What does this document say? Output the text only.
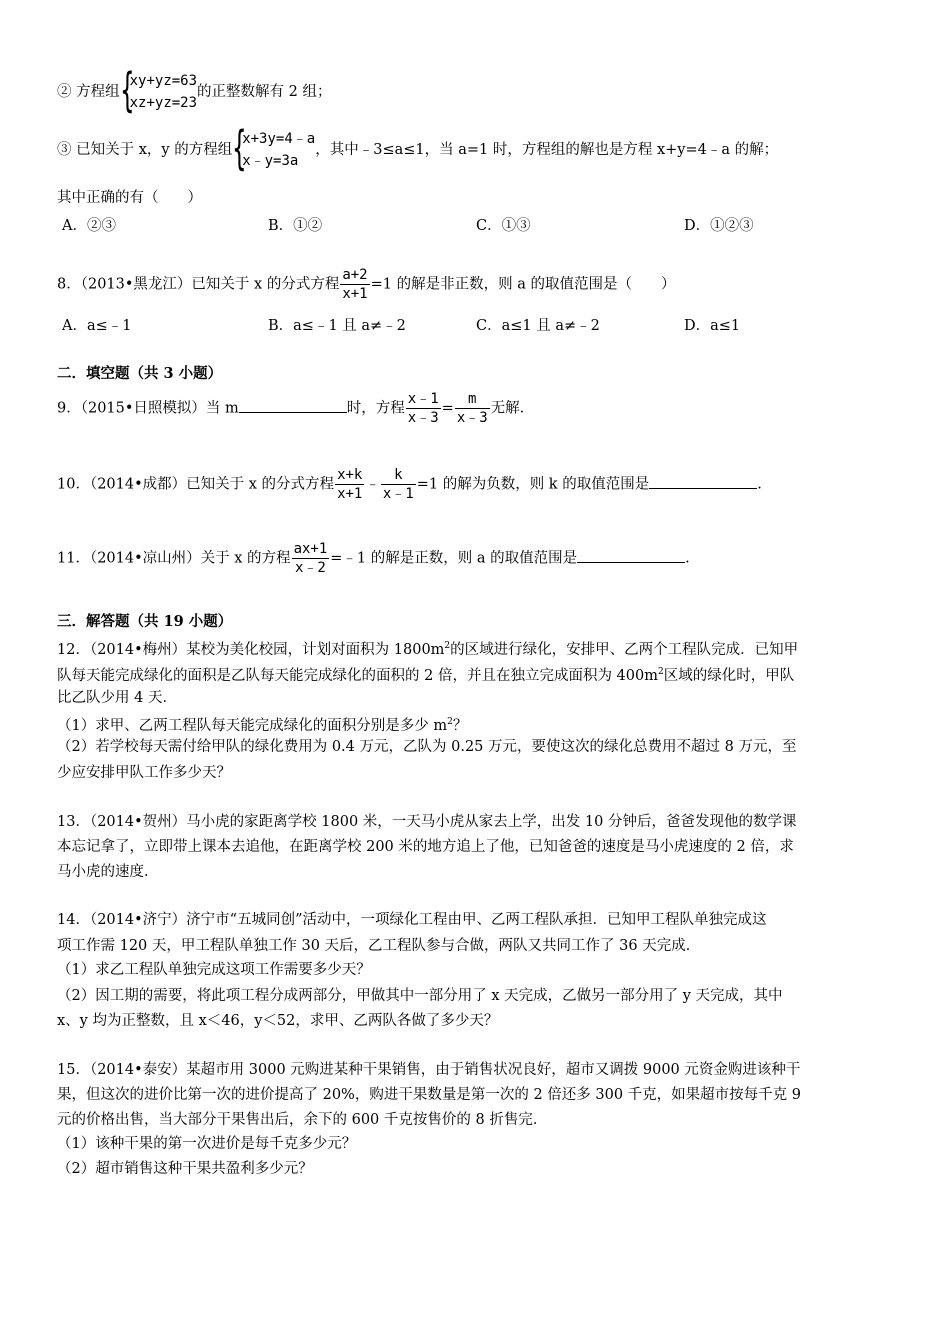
② 方程组 {
xy+yz=63
xz+yz=23的正整数解有 2 组；
③ 已知关于 x，y 的方程组 {
x+3y=4﹣a
x﹣y=3a，其中﹣3≤a≤1，当 a=1 时，方程组的解也是方程 x+y=4﹣a 的解；
其中正确的有（　　）
A．②③	B．①②	C．①③	D．①②③
8．（2013•黑龙江）已知关于 x 的分式方程 $\frac{a+2}{x+1} =1$ 的解是非正数，则 a 的取值范围是（　　）
A．a≤﹣1	B．a≤﹣1 且 a≠﹣2	C．a≤1 且 a≠﹣2	D．a≤1
二．填空题（共 3 小题）
9．（2015•日照模拟）当 m	时，方程 $\frac{x﹣1}{x﹣3} = \frac{m}{x﹣3}$ 无解.
10．（2014•成都）已知关于 x 的分式方程 $\frac{x+k}{x+1}$ ﹣ $\frac{k}{x﹣1} =1$ 的解为负数，则 k 的取值范围是	.
11．（2014•凉山州）关于 x 的方程 $\frac{ax+1}{x﹣2}$ =﹣1 的解是正数，则 a 的取值范围是	.
三．解答题（共 19 小题）
12．（2014•梅州）某校为美化校园，计划对面积为 $1800m^2$的区域进行绿化，安排甲、乙两个工程队完成．已知甲
队每天能完成绿化的面积是乙队每天能完成绿化的面积的 2 倍，并且在独立完成面积为 $400m^2$区域的绿化时，甲队
比乙队少用 4 天．
（1）求甲、乙两工程队每天能完成绿化的面积分别是多少 $m^2$？
（2）若学校每天需付给甲队的绿化费用为 0.4 万元，乙队为 0.25 万元，要使这次的绿化总费用不超过 8 万元，至
少应安排甲队工作多少天？
13．（2014•贺州）马小虎的家距离学校 1800 米，一天马小虎从家去上学，出发 10 分钟后，爸爸发现他的数学课
本忘记拿了，立即带上课本去追他，在距离学校 200 米的地方追上了他，已知爸爸的速度是马小虎速度的 2 倍，求
马小虎的速度．
14．（2014•济宁）济宁市“五城同创”活动中，一项绿化工程由甲、乙两工程队承担．已知甲工程队单独完成这
项工作需 120 天，甲工程队单独工作 30 天后，乙工程队参与合做，两队又共同工作了 36 天完成．
（1）求乙工程队单独完成这项工作需要多少天？
（2）因工期的需要，将此项工程分成两部分，甲做其中一部分用了 x 天完成，乙做另一部分用了 y 天完成，其中
x、y 均为正整数，且 x＜46，y＜52，求甲、乙两队各做了多少天？
15．（2014•泰安）某超市用 3000 元购进某种干果销售，由于销售状况良好，超市又调拨 9000 元资金购进该种干
果，但这次的进价比第一次的进价提高了 20%，购进干果数量是第一次的 2 倍还多 300 千克，如果超市按每千克 9
元的价格出售，当大部分干果售出后，余下的 600 千克按售价的 8 折售完．
（1）该种干果的第一次进价是每千克多少元？
（2）超市销售这种干果共盈利多少元？
